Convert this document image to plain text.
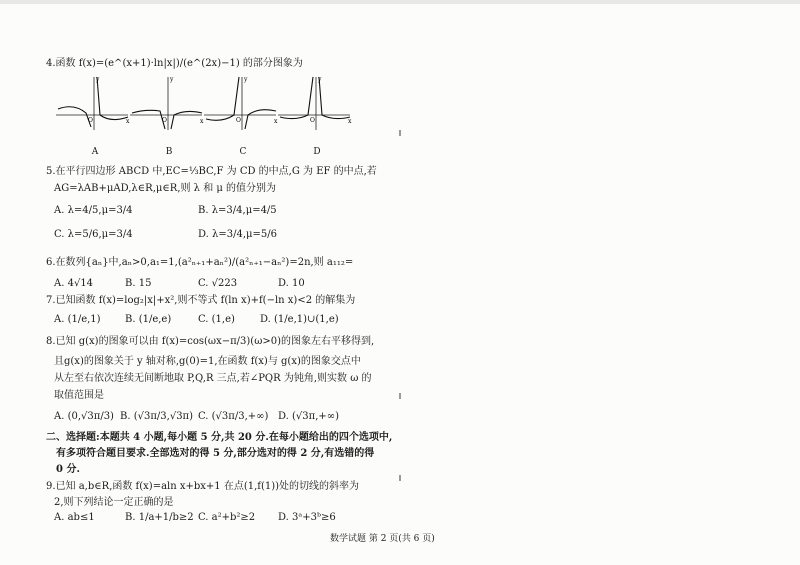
4.函数 f(x)=(e^(x+1)·ln|x|)/(e^(2x)−1) 的部分图象为
x
y
O	x
y
O	x
y
O	x
y
O
A	B	C	D
5.在平行四边形 ABCD 中,EC=⅓BC,F 为 CD 的中点,G 为 EF 的中点,若
AG=λAB+μAD,λ∈R,μ∈R,则 λ 和 μ 的值分别为
A. λ=4/5,μ=3/4	B. λ=3/4,μ=4/5
C. λ=5/6,μ=3/4	D. λ=3/4,μ=5/6
6.在数列{aₙ}中,aₙ>0,a₁=1,(a²ₙ₊₁+aₙ²)/(a²ₙ₊₁−aₙ²)=2n,则 a₁₁₂=
A. 4√14	B. 15	C. √223	D. 10
7.已知函数 f(x)=log₂|x|+x²,则不等式 f(ln x)+f(−ln x)<2 的解集为
A. (1/e,1) B. (1/e,e)	C. (1,e)	D. (1/e,1)∪(1,e)
8.已知 g(x)的图象可以由 f(x)=cos(ωx−π/3)(ω>0)的图象左右平移得到,
且g(x)的图象关于 y 轴对称,g(0)=1,在函数 f(x)与 g(x)的图象交点中
从左至右依次连续无间断地取 P,Q,R 三点,若∠PQR 为钝角,则实数 ω 的
取值范围是
A. (0,√3π/3) B. (√3π/3,√3π) C. (√3π/3,+∞) D. (√3π,+∞)
二、选择题:本题共 4 小题,每小题 5 分,共 20 分.在每小题给出的四个选项中,
有多项符合题目要求.全部选对的得 5 分,部分选对的得 2 分,有选错的得
0 分.
9.已知 a,b∈R,函数 f(x)=aln x+bx+1 在点(1,f(1))处的切线的斜率为
2,则下列结论一定正确的是
A. ab≤1	B. 1/a+1/b≥2 C. a²+b²≥2 D. 3ᵃ+3ᵇ≥6
数学试题 第 2 页(共 6 页)
